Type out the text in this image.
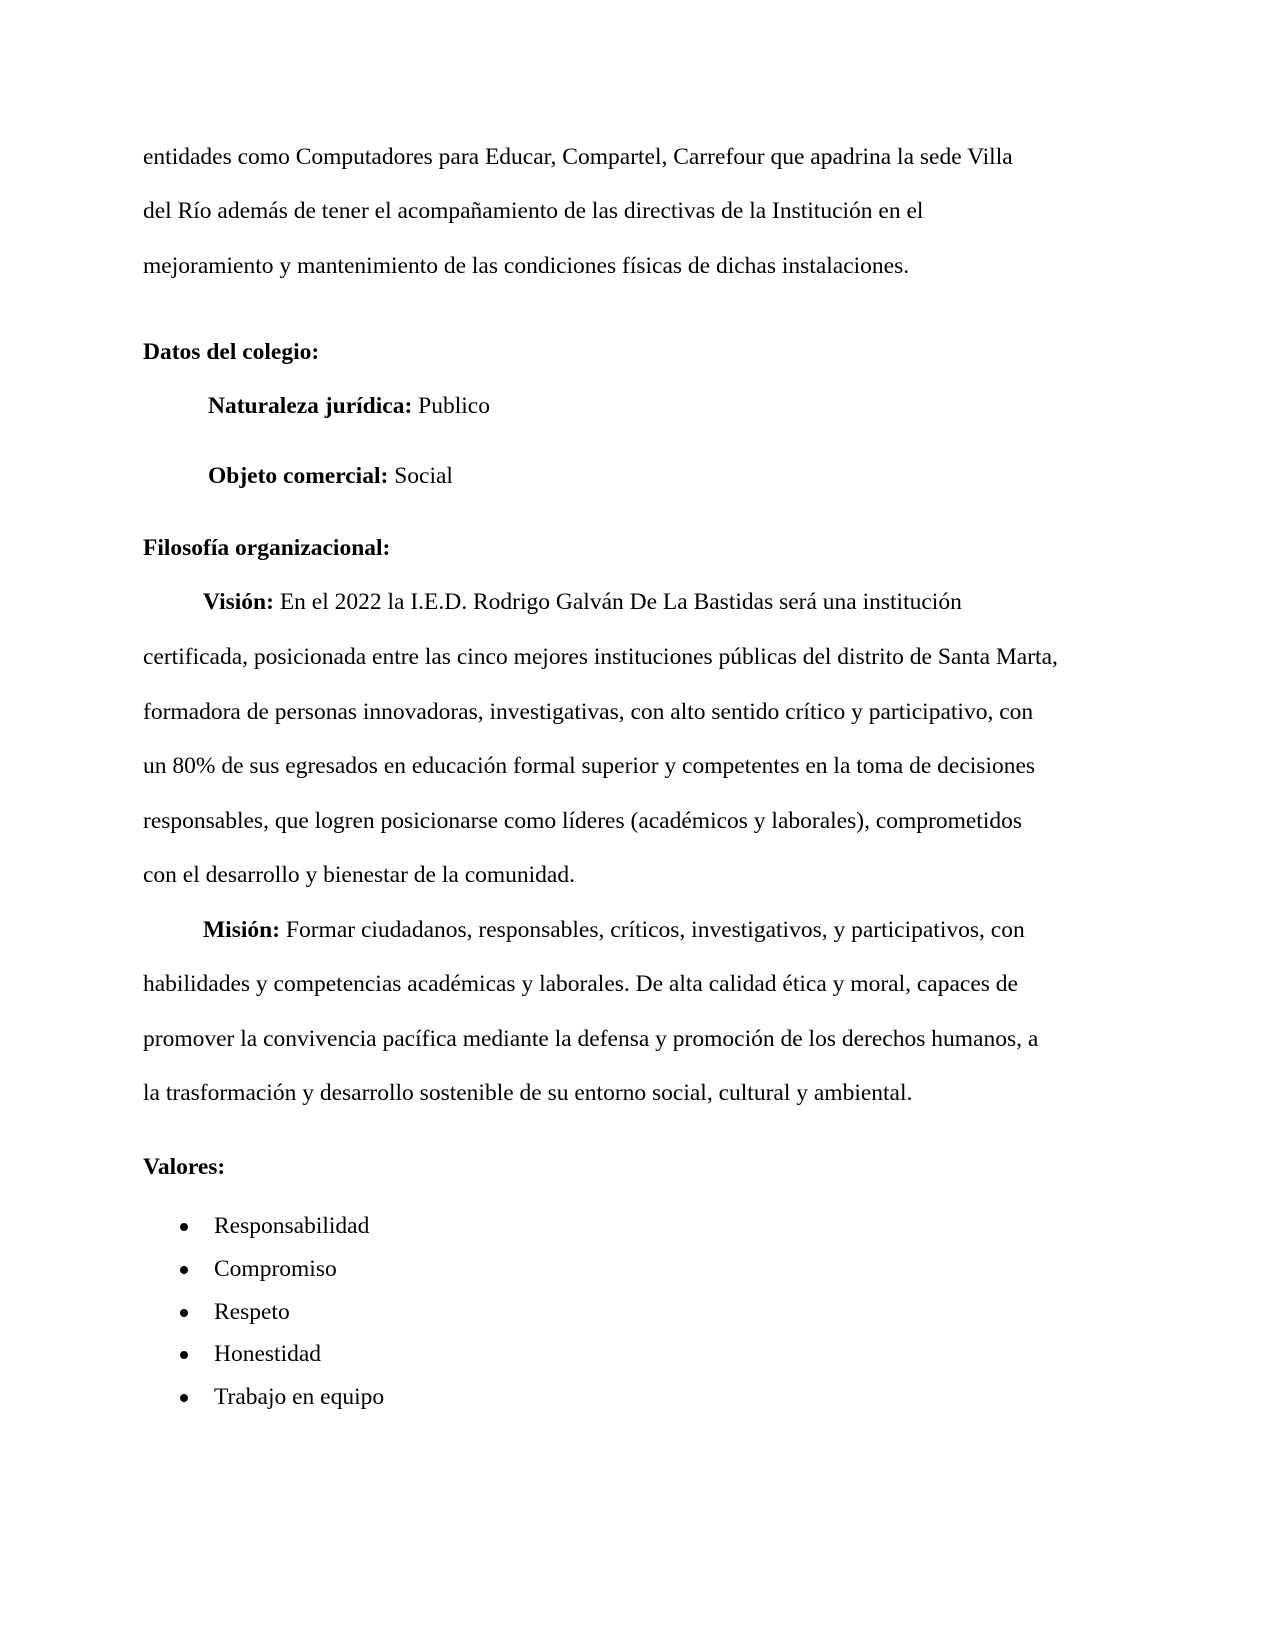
entidades como Computadores para Educar, Compartel, Carrefour que apadrina la sede Villa
del Río además de tener el acompañamiento de las directivas de la Institución en el
mejoramiento y mantenimiento de las condiciones físicas de dichas instalaciones.
Datos del colegio:
Naturaleza jurídica: Publico
Objeto comercial: Social
Filosofía organizacional:
Visión: En el 2022 la I.E.D. Rodrigo Galván De La Bastidas será una institución
certificada, posicionada entre las cinco mejores instituciones públicas del distrito de Santa Marta,
formadora de personas innovadoras, investigativas, con alto sentido crítico y participativo, con
un 80% de sus egresados en educación formal superior y competentes en la toma de decisiones
responsables, que logren posicionarse como líderes (académicos y laborales), comprometidos
con el desarrollo y bienestar de la comunidad.
Misión: Formar ciudadanos, responsables, críticos, investigativos, y participativos, con
habilidades y competencias académicas y laborales. De alta calidad ética y moral, capaces de
promover la convivencia pacífica mediante la defensa y promoción de los derechos humanos, a
la trasformación y desarrollo sostenible de su entorno social, cultural y ambiental.
Valores:
Responsabilidad
Compromiso
Respeto
Honestidad
Trabajo en equipo
